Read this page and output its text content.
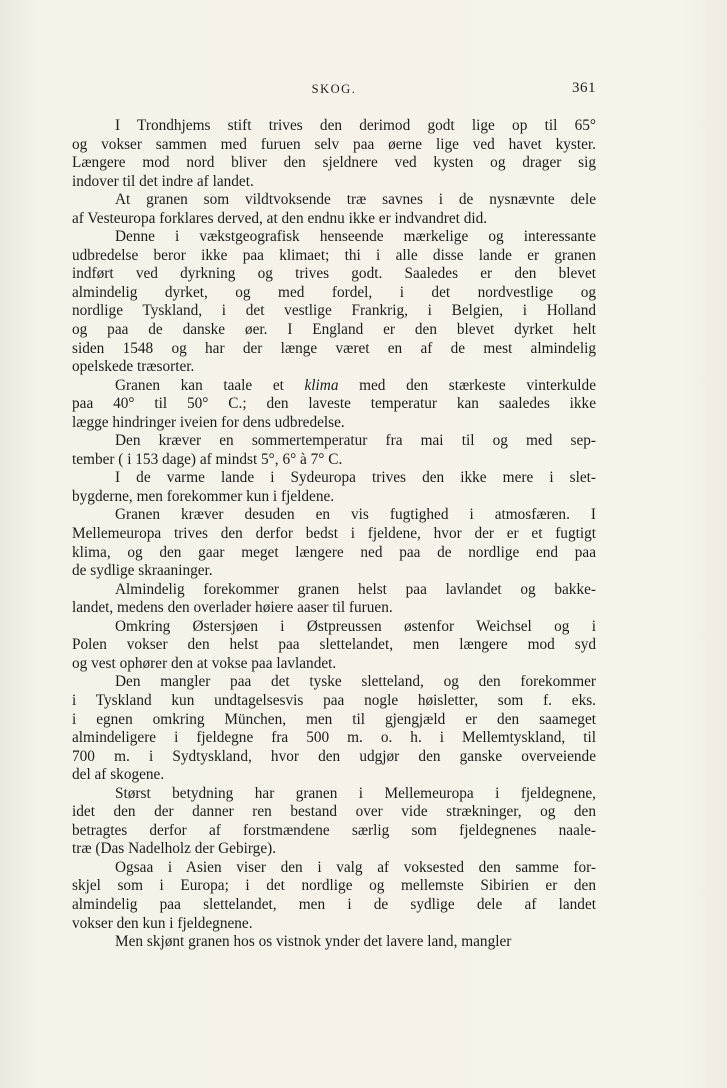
SKOG.	361
I Trondhjems stift trives den derimod godt lige op til 65°
og vokser sammen med furuen selv paa øerne lige ved havet kyster.
Længere mod nord bliver den sjeldnere ved kysten og drager sig
indover til det indre af landet.
At granen som vildtvoksende træ savnes i de nysnævnte dele
af Vesteuropa forklares derved, at den endnu ikke er indvandret did.
Denne i vækstgeografisk henseende mærkelige og interessante
udbredelse beror ikke paa klimaet; thi i alle disse lande er granen
indført ved dyrkning og trives godt. Saaledes er den blevet
almindelig dyrket, og med fordel, i det nordvestlige og
nordlige Tyskland, i det vestlige Frankrig, i Belgien, i Holland
og paa de danske øer. I England er den blevet dyrket helt
siden 1548 og har der længe været en af de mest almindelig
opelskede træsorter.
Granen kan taale et klima med den stærkeste vinterkulde
paa 40° til 50° C.; den laveste temperatur kan saaledes ikke
lægge hindringer iveien for dens udbredelse.
Den kræver en sommertemperatur fra mai til og med sep-
tember ( i 153 dage) af mindst 5°, 6° à 7° C.
I de varme lande i Sydeuropa trives den ikke mere i slet-
bygderne, men forekommer kun i fjeldene.
Granen kræver desuden en vis fugtighed i atmosfæren. I
Mellemeuropa trives den derfor bedst i fjeldene, hvor der er et fugtigt
klima, og den gaar meget længere ned paa de nordlige end paa
de sydlige skraaninger.
Almindelig forekommer granen helst paa lavlandet og bakke-
landet, medens den overlader høiere aaser til furuen.
Omkring Østersjøen i Østpreussen østenfor Weichsel og i
Polen vokser den helst paa slettelandet, men længere mod syd
og vest ophører den at vokse paa lavlandet.
Den mangler paa det tyske sletteland, og den forekommer
i Tyskland kun undtagelsesvis paa nogle høisletter, som f. eks.
i egnen omkring München, men til gjengjæld er den saameget
almindeligere i fjeldegne fra 500 m. o. h. i Mellemtyskland, til
700 m. i Sydtyskland, hvor den udgjør den ganske overveiende
del af skogene.
Størst betydning har granen i Mellemeuropa i fjeldegnene,
idet den der danner ren bestand over vide strækninger, og den
betragtes derfor af forstmændene særlig som fjeldegnenes naale-
træ (Das Nadelholz der Gebirge).
Ogsaa i Asien viser den i valg af voksested den samme for-
skjel som i Europa; i det nordlige og mellemste Sibirien er den
almindelig paa slettelandet, men i de sydlige dele af landet
vokser den kun i fjeldegnene.
Men skjønt granen hos os vistnok ynder det lavere land, mangler
